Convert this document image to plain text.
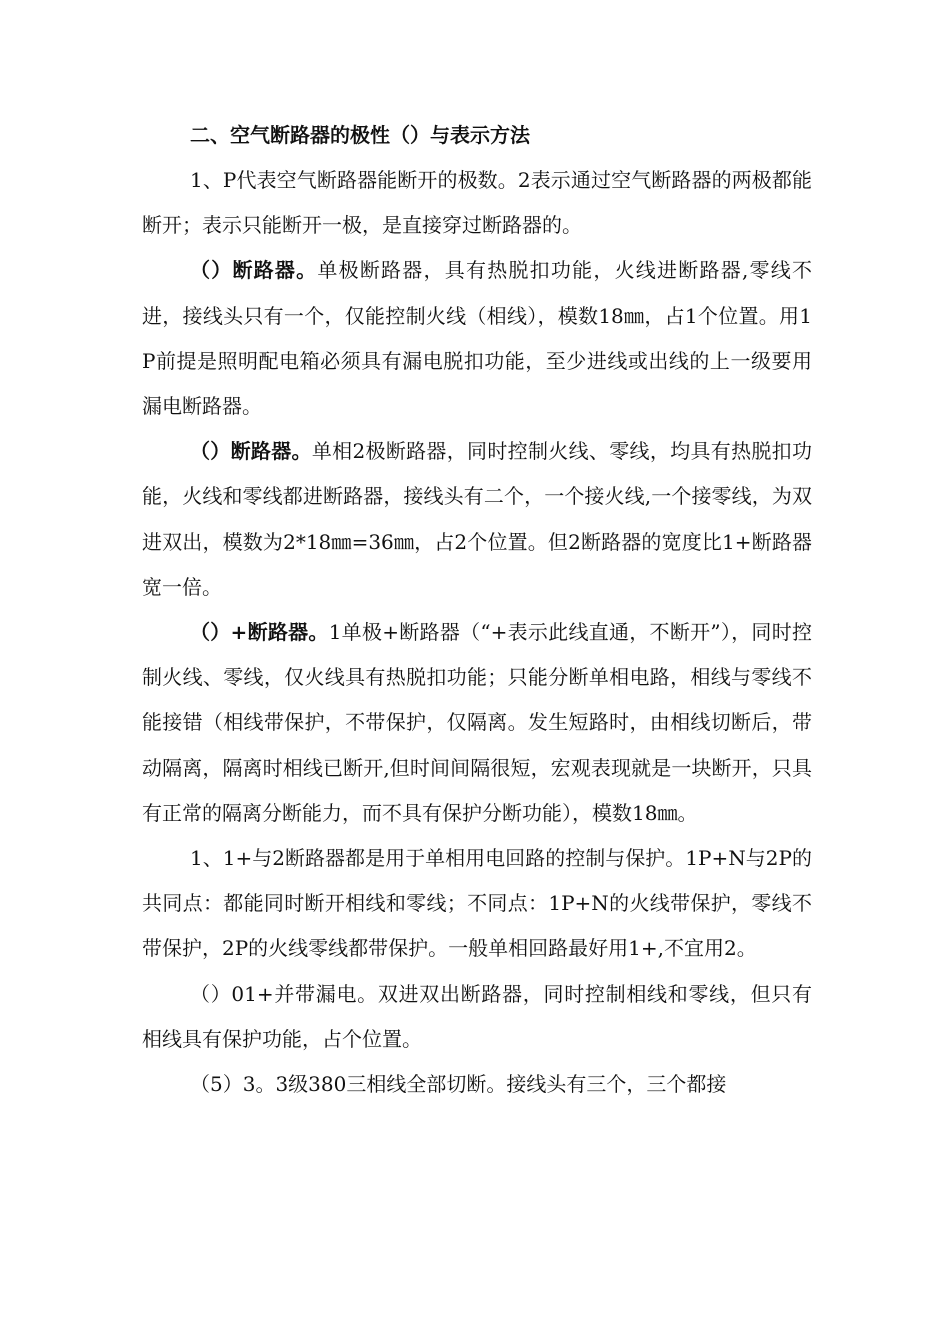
二、空气断路器的极性（）与表示方法

1、P代表空气断路器能断开的极数。2表示通过空气断路器的两极都能断开；表示只能断开一极，是直接穿过断路器的。

（）断路器。单极断路器，具有热脱扣功能，火线进断路器,零线不进，接线头只有一个，仅能控制火线（相线），模数18㎜，占1个位置。用1P前提是照明配电箱必须具有漏电脱扣功能，至少进线或出线的上一级要用漏电断路器。

（）断路器。单相2极断路器，同时控制火线、零线，均具有热脱扣功能，火线和零线都进断路器，接线头有二个，一个接火线,一个接零线，为双进双出，模数为2*18㎜=36㎜，占2个位置。但2断路器的宽度比1+断路器宽一倍。

（）+断路器。1单极+断路器（“+表示此线直通，不断开”），同时控制火线、零线，仅火线具有热脱扣功能；只能分断单相电路，相线与零线不能接错（相线带保护，不带保护，仅隔离。发生短路时，由相线切断后，带动隔离，隔离时相线已断开,但时间间隔很短，宏观表现就是一块断开，只具有正常的隔离分断能力，而不具有保护分断功能），模数18㎜。

1、1+与2断路器都是用于单相用电回路的控制与保护。1P+N与2P的共同点：都能同时断开相线和零线；不同点：1P+N的火线带保护，零线不带保护，2P的火线零线都带保护。一般单相回路最好用1+,不宜用2。

（）01+并带漏电。双进双出断路器，同时控制相线和零线，但只有相线具有保护功能，占个位置。

（5）3。3级380三相线全部切断。接线头有三个，三个都接
